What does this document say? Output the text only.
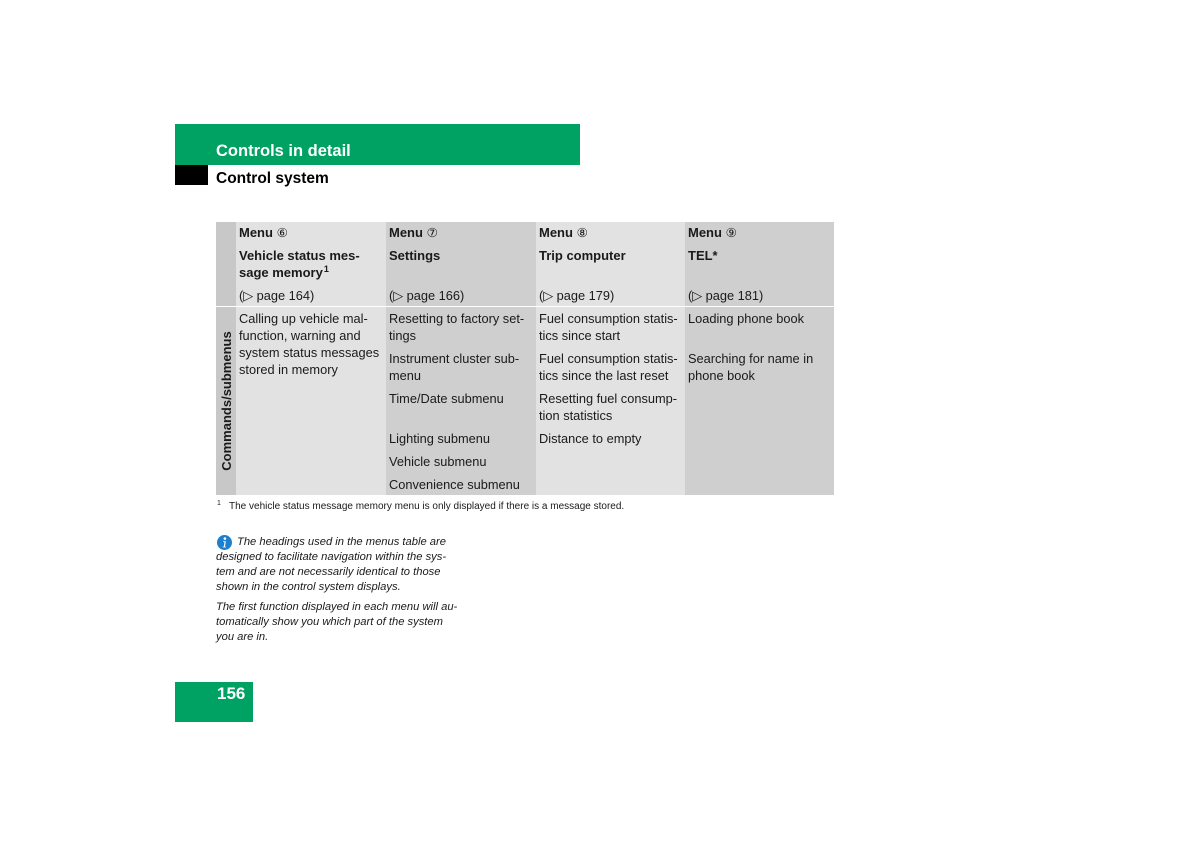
Controls in detail
Control system
Menu ⑥
Vehicle status mes-
sage memory$^1$
(▷ page 164)
Menu ⑦
Settings
(▷ page 166)
Menu ⑧
Trip computer
(▷ page 179)
Menu ⑨
TEL*
(▷ page 181)
Commands/submenus
Calling up vehicle mal-
function, warning and
system status messages
stored in memory
Resetting to factory set-
tings
Instrument cluster sub-
menu
Time/Date submenu
Lighting submenu
Vehicle submenu
Convenience submenu
Fuel consumption statis-
tics since start
Fuel consumption statis-
tics since the last reset
Resetting fuel consump-
tion statistics
Distance to empty
Loading phone book
Searching for name in
phone book
1 The vehicle status message memory menu is only displayed if there is a message stored.

The headings used in the menus table are
designed to facilitate navigation within the sys-
tem and are not necessarily identical to those
shown in the control system displays.

The first function displayed in each menu will au-
tomatically show you which part of the system
you are in.

156
